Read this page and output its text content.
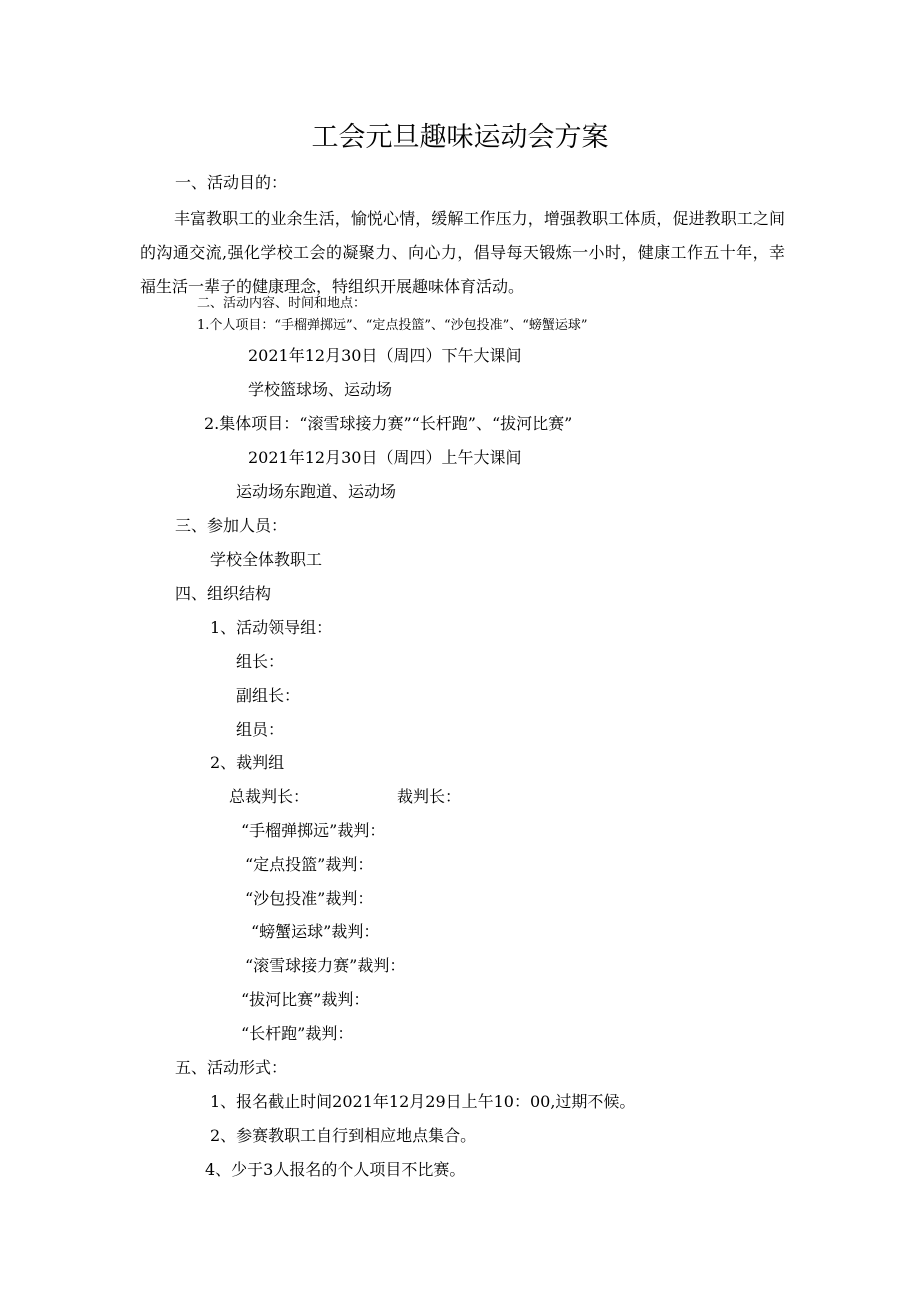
工会元旦趣味运动会方案

一、活动目的：

丰富教职工的业余生活，愉悦心情，缓解工作压力，增强教职工体质，促进教职工之间的沟通交流,强化学校工会的凝聚力、向心力，倡导每天锻炼一小时，健康工作五十年，幸福生活一辈子的健康理念，特组织开展趣味体育活动。

二、活动内容、时间和地点：

1.个人项目：“手榴弹掷远”、“定点投篮”、“沙包投准”、“螃蟹运球”

2021年12月30日（周四）下午大课间

学校篮球场、运动场

2.集体项目：“滚雪球接力赛”“长杆跑”、“拔河比赛”

2021年12月30日（周四）上午大课间

运动场东跑道、运动场

三、参加人员：

学校全体教职工

四、组织结构

1、活动领导组：

组长：

副组长：

组员：

2、裁判组

总裁判长：	裁判长：

“手榴弹掷远”裁判：

“定点投篮”裁判：

“沙包投准”裁判：

“螃蟹运球”裁判：

“滚雪球接力赛”裁判：

“拔河比赛”裁判：

“长杆跑”裁判：

五、活动形式：

1、报名截止时间2021年12月29日上午10：00,过期不候。

2、参赛教职工自行到相应地点集合。

4、少于3人报名的个人项目不比赛。
